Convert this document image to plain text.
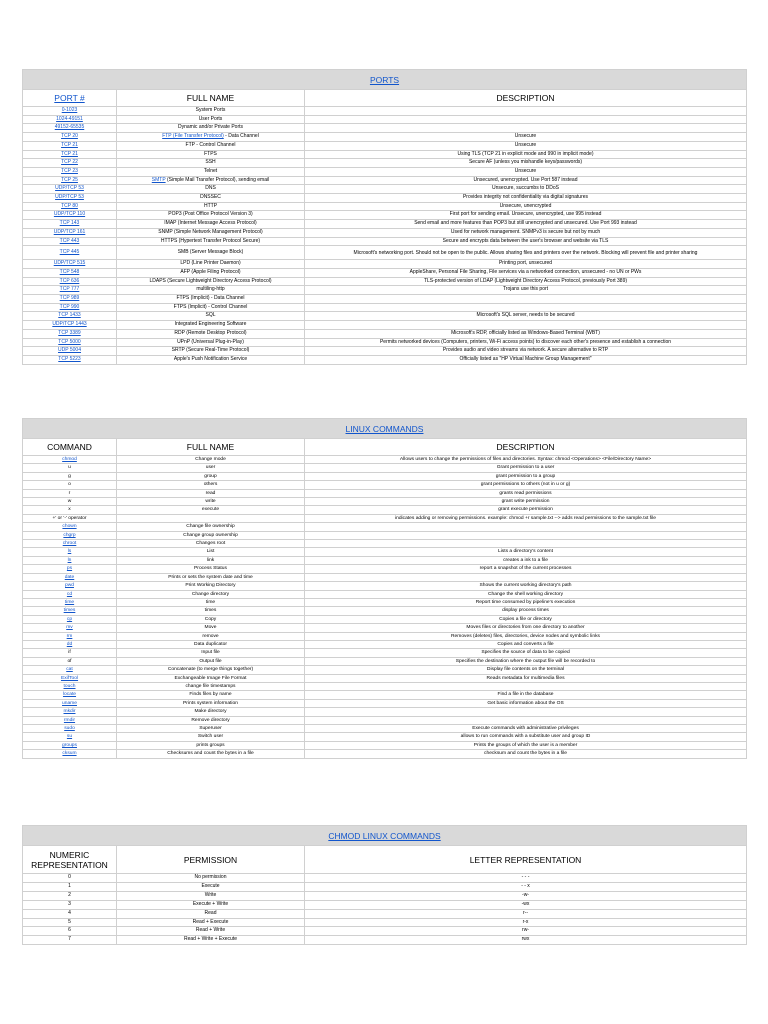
PORTS		
PORT #	FULL NAME	DESCRIPTION
0-1023	System Ports	
1024-49151	User Ports	
49152-65535	Dynamic and/or Private Ports	
TCP 20	FTP (File Transfer Protocol) - Data Channel	Unsecure
TCP 21	FTP - Control Channel	Unsecure
TCP 21	FTPS	Using TLS (TCP 21 in explicit mode and 990 in implicit mode)
TCP 22	SSH	Secure AF (unless you mishandle keys/passwords)
TCP 23	Telnet	Unsecure
TCP 25	SMTP (Simple Mail Transfer Protocol), sending email	Unsecured, unencrypted. Use Port 587 instead
UDP/TCP 53	DNS	Unsecure, succumbs to DDoS
UDP/TCP 53	DNSSEC	Provides integrity not confidentiality via digital signatures
TCP 80	HTTP	Unsecure, unencrypted
UDP/TCP 110	POP3 (Post Office Protocol Version 3)	First port for sending email. Unsecure, unencrypted, use 995 instead
TCP 143	IMAP (Internet Message Access Protocol)	Send email and more features than POP3 but still unencrypted and unsecured. Use Port 993 instead
UDP/TCP 161	SNMP (Simple Network Management Protocol)	Used for network management. SNMPv3 is secure but not by much
TCP 443	HTTPS (Hypertext Transfer Protocol Secure)	Secure and encrypts data between the user's browser and website via TLS
TCP 445	SMB (Server Message Block)	Microsoft's networking port. Should not be open to the public. Allows sharing files and printers over the network. Blocking will prevent file and printer sharing
UDP/TCP 515	LPD (Line Printer Daemon)	Printing port, unsecured
TCP 548	AFP (Apple Filing Protocol)	AppleShare, Personal File Sharing, File services via a networked connection, unsecured - no UN or PWs
TCP 636	LDAPS (Secure Lightweight Directory Access Protocol)	TLS-protected version of LDAP (Lightweight Directory Access Protocol, previously Port 389)
TCP 777	multiling-http	Trojans use this port
TCP 989	FTPS (Implicit) - Data Channel	
TCP 990	FTPS (Implicit) - Control Channel	
TCP 1433	SQL	Microsoft's SQL server, needs to be secured
UDP/TCP 1443	Integrated Engineering Software	
TCP 3389	RDP (Remote Desktop Protocol)	Microsoft's RDP, officially listed as Windows-Based Terminal (WBT)
TCP 5000	UPnP (Universal Plug-in-Play)	Permits networked devices (Computers, printers, Wi-Fi access points) to discover each other's presence and establish a connection
UDP 5004	SRTP (Secure Real-Time Protocol)	Provides audio and video streams via network. A secure alternative to RTP
TCP 5223	Apple's Push Notification Service	Officially listed as "HP Virtual Machine Group Management"
LINUX COMMANDS		
COMMAND	FULL NAME	DESCRIPTION
chmod	Change mode	Allows users to change the permissions of files and directories. Syntax: chmod <Operations> <File/Directory Name>
u	user	Grant permission to a user
g	group	grant permission to a group
o	others	grant permissions to others (not in u or g)
r	read	grants read permissions
w	write	grant write permission
x	execute	grant execute permission
+' or '-' operator		indicates adding or removing permissions. example: chmod +r sample.txt --> adds read permissions to the sample.txt file
chown	Change file ownership	
chgrp	Change group ownership	
chroot	Changes root	
ls	List	Lists a directory's content
ln	link	creates a ink to a file
ps	Process Status	report a snapshot of the current processes
date	Prints or sets the system date and time	
pwd	Print Working Directory	Shows the current working directory's path
cd	Change directory	Change the shell working directory
time	time	Report time consumed by pipeline's execution
times	times	display process times
cp	Copy	Copies a file or directory
mv	Move	Moves files or directories from one directory to another
rm	remove	Removes (deletes) files, directories, device nodes and symbolic links
dd	Data duplicator	Copies and converts a file
if	Input file	Specifies the source of data to be copied
of	Output file	Specifies the destination where the output file will be recorded to
cat	Concatenate (to merge things together)	Display file contents on the terminal
ExifTool	Exchangeable Image File Format	Reads metadata for multimedia files
touch	change file timestamps	
locate	Finds files by name	Find a file in the database
uname	Prints system information	Get basic information about the OS
mkdir	Make directory	
rmdir	Remove directory	
sudo	Superuser	Execute commands with administrative privileges
su	Switch user	allows to run commands with a substitute user and group ID
groups	prints groups	Prints the groups of which the user is a member
cksum	Checksums and count the bytes in a file	checksum and count the bytes in a file
CHMOD LINUX COMMANDS		
NUMERIC REPRESENTATION	PERMISSION	LETTER REPRESENTATION
0	No permission	- - -
1	Execute	- - x
2	Write	-w-
3	Execute + Write	-wx
4	Read	r--
5	Read + Execute	r-x
6	Read + Write	rw-
7	Read + Write + Execute	rwx
